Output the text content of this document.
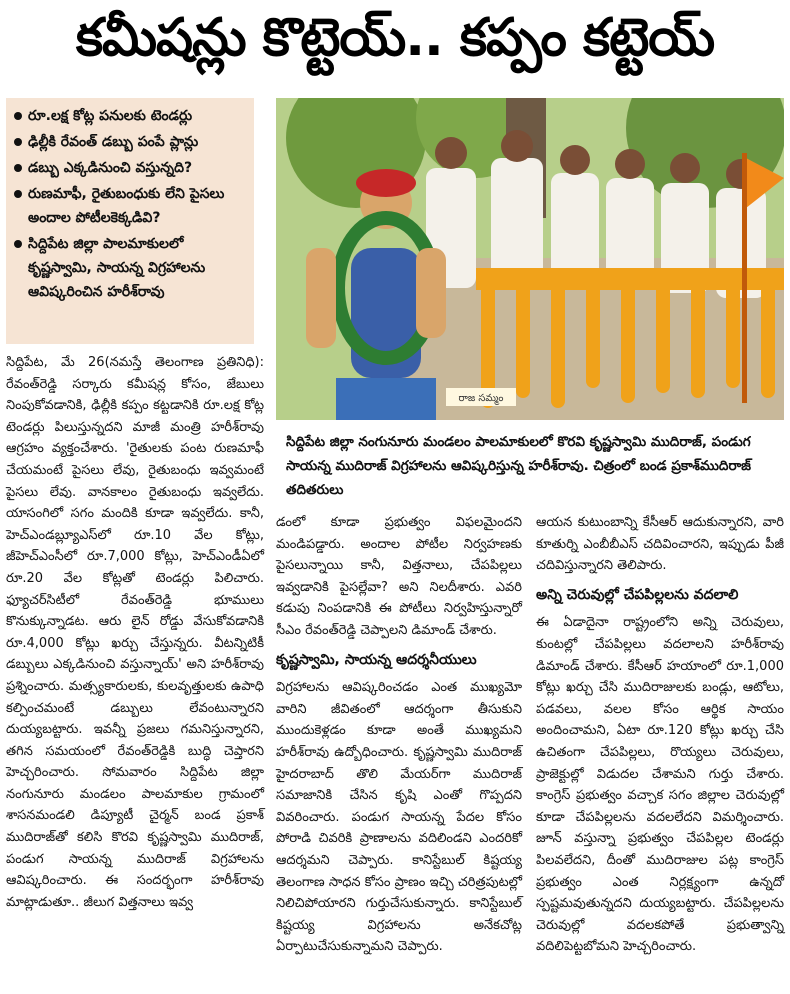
కమీషన్లు కొట్టెయ్.. కప్పం కట్టెయ్
రూ.లక్ష కోట్ల పనులకు టెండర్లు
ఢిల్లీకి రేవంత్ డబ్బు పంపే ప్లాన్లు
డబ్బు ఎక్కడినుంచి వస్తున్నది?
రుణమాఫీ, రైతుబంధుకు లేని పైసలు అందాల పోటీలకెక్కడివి?
సిద్దిపేట జిల్లా పాలమాకులలో కృష్ణస్వామి, సాయన్న విగ్రహాలను ఆవిష్కరించిన హరీశ్‌రావు
రాజ సమ్మం
సిద్దిపేట జిల్లా నంగునూరు మండలం పాలమాకులలో కొరవి కృష్ణస్వామి ముదిరాజ్, పండుగ సాయన్న ముదిరాజ్ విగ్రహాలను ఆవిష్కరిస్తున్న హరీశ్‌రావు. చిత్రంలో బండ ప్రకాశ్‌ముదిరాజ్ తదితరులు

సిద్దిపేట, మే 26(నమస్తే తెలంగాణ ప్రతినిధి): రేవంత్‌రెడ్డి సర్కారు కమీషన్ల కోసం, జేబులు నింపుకోవడానికి, ఢిల్లీకి కప్పం కట్టడానికి రూ.లక్ష కోట్ల టెండర్లు పిలుస్తున్నదని మాజీ మంత్రి హరీశ్‌రావు ఆగ్రహం వ్యక్తంచేశారు. 'రైతులకు పంట రుణమాఫీ చేయమంటే పైసలు లేవు, రైతుబంధు ఇవ్వమంటే పైసలు లేవు. వానకాలం రైతుబంధు ఇవ్వలేదు. యాసంగిలో సగం మందికి కూడా ఇవ్వలేదు. కానీ, హెచ్‌ఎండబ్ల్యూఎస్‌లో రూ.10 వేల కోట్లు, జీహెచ్‌ఎంసీలో రూ.7,000 కోట్లు, హెచ్‌ఎండీఏలో రూ.20 వేల కోట్లతో టెండర్లు పిలిచారు. ఫ్యూచర్‌సిటీలో రేవంత్‌రెడ్డి భూములు కొనుక్కున్నాడట. ఆరు లైన్ రోడ్డు వేసుకోవడానికి రూ.4,000 కోట్లు ఖర్చు చేస్తున్నరు. వీటన్నిటికీ డబ్బులు ఎక్కడినుంచి వస్తున్నాయ్' అని హరీశ్‌రావు ప్రశ్నించారు. మత్స్యకారులకు, కులవృత్తులకు ఉపాధి కల్పించమంటే డబ్బులు లేవంటున్నారని దుయ్యబట్టారు. ఇవన్నీ ప్రజలు గమనిస్తున్నారని, తగిన సమయంలో రేవంత్‌రెడ్డికి బుద్ధి చెప్తారని హెచ్చరించారు. సోమవారం సిద్దిపేట జిల్లా నంగునూరు మండలం పాలమాకుల గ్రామంలో శాసనమండలి డిప్యూటీ చైర్మన్ బండ ప్రకాశ్ ముదిరాజ్‌తో కలిసి కొరవి కృష్ణస్వామి ముదిరాజ్, పండుగ సాయన్న ముదిరాజ్ విగ్రహాలను ఆవిష్కరించారు. ఈ సందర్భంగా హరీశ్‌రావు మాట్లాడుతూ.. జీలుగ విత్తనాలు ఇవ్వ

డంలో కూడా ప్రభుత్వం విఫలమైందని మండిపడ్డారు. అందాల పోటీల నిర్వహణకు పైసలున్నాయి కానీ, విత్తనాలు, చేపపిల్లలు ఇవ్వడానికి పైసల్లేవా? అని నిలదీశారు. ఎవరి కడుపు నింపడానికి ఈ పోటీలు నిర్వహిస్తున్నారో సీఎం రేవంత్‌రెడ్డి చెప్పాలని డిమాండ్ చేశారు.

కృష్ణస్వామి, సాయన్న ఆదర్శనీయులు

విగ్రహాలను ఆవిష్కరించడం ఎంత ముఖ్యమో వారిని జీవితంలో ఆదర్శంగా తీసుకుని ముందుకెళ్లడం కూడా అంతే ముఖ్యమని హరీశ్‌రావు ఉద్బోధించారు. కృష్ణస్వామి ముదిరాజ్ హైదరాబాద్ తొలి మేయర్‌గా ముదిరాజ్ సమాజానికి చేసిన కృషి ఎంతో గొప్పదని వివరించారు. పండుగ సాయన్న పేదల కోసం పోరాడి చివరికి ప్రాణాలను వదిలిండని ఎందరికో ఆదర్శమని చెప్పారు. కానిస్టేబుల్ కిష్టయ్య తెలంగాణ సాధన కోసం ప్రాణం ఇచ్చి చరిత్రపుటల్లో నిలిచిపోయారని గుర్తుచేసుకున్నారు. కానిస్టేబుల్ కిష్టయ్య విగ్రహాలను అనేకచోట్ల ఏర్పాటుచేసుకున్నామని చెప్పారు.

ఆయన కుటుంబాన్ని కేసీఆర్ ఆదుకున్నారని, వారి కూతుర్ని ఎంబీబీఎస్ చదివించారని, ఇప్పుడు పీజీ చదివిస్తున్నారని తెలిపారు.

అన్ని చెరువుల్లో చేపపిల్లలను వదలాలి

ఈ ఏడాదైనా రాష్ట్రంలోని అన్ని చెరువులు, కుంటల్లో చేపపిల్లలు వదలాలని హరీశ్‌రావు డిమాండ్ చేశారు. కేసీఆర్ హయాంలో రూ.1,000 కోట్లు ఖర్చు చేసి ముదిరాజులకు బండ్లు, ఆటోలు, పడవలు, వలల కోసం ఆర్థిక సాయం అందించామని, ఏటా రూ.120 కోట్లు ఖర్చు చేసి ఉచితంగా చేపపిల్లలు, రొయ్యలు చెరువులు, ప్రాజెక్టుల్లో విడుదల చేశామని గుర్తు చేశారు. కాంగ్రెస్ ప్రభుత్వం వచ్చాక సగం జిల్లాల చెరువుల్లో కూడా చేపపిల్లలను వదలలేదని విమర్శించారు. జూన్ వస్తున్నా ప్రభుత్వం చేపపిల్లల టెండర్లు పిలవలేదని, దీంతో ముదిరాజుల పట్ల కాంగ్రెస్ ప్రభుత్వం ఎంత నిర్లక్ష్యంగా ఉన్నదో స్పష్టమవుతున్నదని దుయ్యబట్టారు. చేపపిల్లలను చెరువుల్లో వదలకపోతే ప్రభుత్వాన్ని వదిలిపెట్టబోమని హెచ్చరించారు.
